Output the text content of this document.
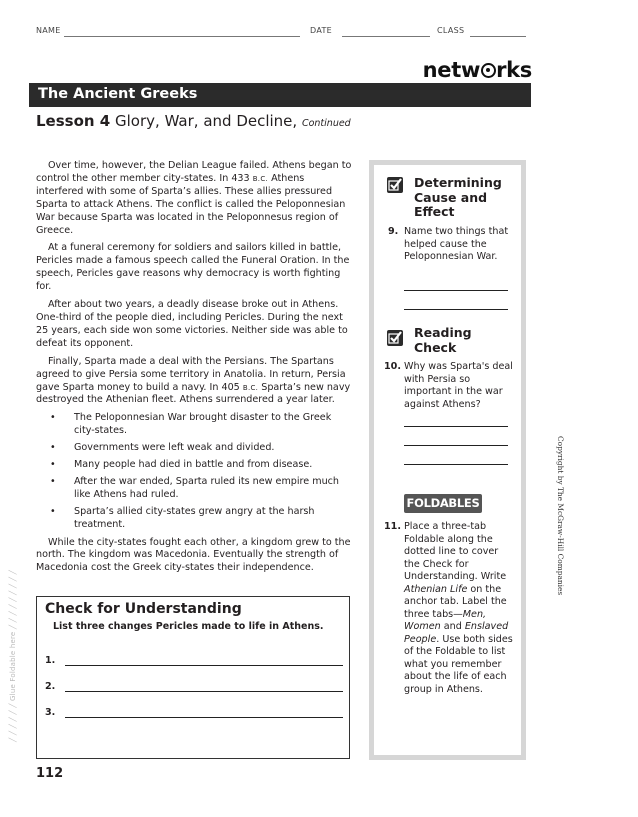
NAME	DATE	CLASS
netw rks
The Ancient Greeks
Lesson 4 Glory, War, and Decline, Continued

Over time, however, the Delian League failed. Athens began to control the other member city-states. In 433 B.C. Athens interfered with some of Sparta’s allies. These allies pressured Sparta to attack Athens. The conflict is called the Peloponnesian War because Sparta was located in the Peloponnesus region of Greece.

At a funeral ceremony for soldiers and sailors killed in battle, Pericles made a famous speech called the Funeral Oration. In the speech, Pericles gave reasons why democracy is worth fighting for.

After about two years, a deadly disease broke out in Athens. One-third of the people died, including Pericles. During the next 25 years, each side won some victories. Neither side was able to defeat its opponent.

Finally, Sparta made a deal with the Persians. The Spartans agreed to give Persia some territory in Anatolia. In return, Persia gave Sparta money to build a navy. In 405 B.C. Sparta’s new navy destroyed the Athenian fleet. Athens surrendered a year later.

• The Peloponnesian War brought disaster to the Greek city-states.
• Governments were left weak and divided.
• Many people had died in battle and from disease.
• After the war ended, Sparta ruled its new empire much like Athens had ruled.
• Sparta’s allied city-states grew angry at the harsh treatment.

While the city-states fought each other, a kingdom grew to the north. The kingdom was Macedonia. Eventually the strength of Macedonia cost the Greek city-states their independence.

Check for Understanding
List three changes Pericles made to life in Athens.
1.
2.
3.
Determining Cause and Effect
9. Name two things that helped cause the Peloponnesian War.
Reading Check
10. Why was Sparta's deal with Persia so important in the war against Athens?
FOLDABLES
11. Place a three-tab Foldable along the dotted line to cover the Check for Understanding. Write Athenian Life on the anchor tab. Label the three tabs—Men, Women and Enslaved People. Use both sides of the Foldable to list what you remember about the life of each group in Athens.
Copyright by The McGraw-Hill Companies
╱ ╱ ╱ ╱ ╱ ╱ Glue Foldable here ╱ ╱ ╱ ╱ ╱ ╱ ╱ ╱ ╱
112
